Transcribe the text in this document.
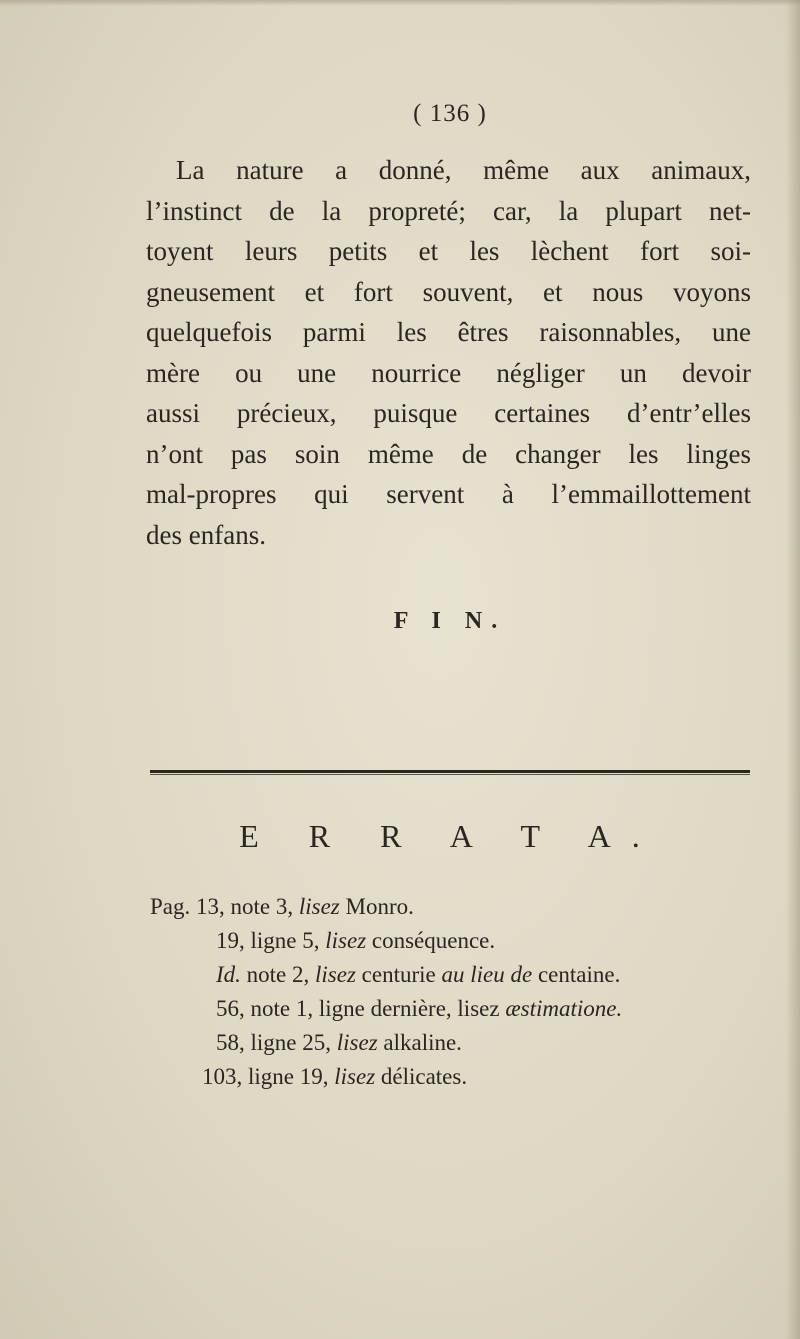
( 136 )
La nature a donné, même aux animaux,
l’instinct de la propreté; car, la plupart net-
toyent leurs petits et les lèchent fort soi-
gneusement et fort souvent, et nous voyons
quelquefois parmi les êtres raisonnables, une
mère ou une nourrice négliger un devoir
aussi précieux, puisque certaines d’entr’elles
n’ont pas soin même de changer les linges
mal-propres qui servent à l’emmaillottement
des enfans.
F I N.
E R R A T A.
Pag. 13, note 3, lisez Monro.
19, ligne 5, lisez conséquence.
Id. note 2, lisez centurie au lieu de centaine.
56, note 1, ligne dernière, lisez æstimatione.
58, ligne 25, lisez alkaline.
103, ligne 19, lisez délicates.
